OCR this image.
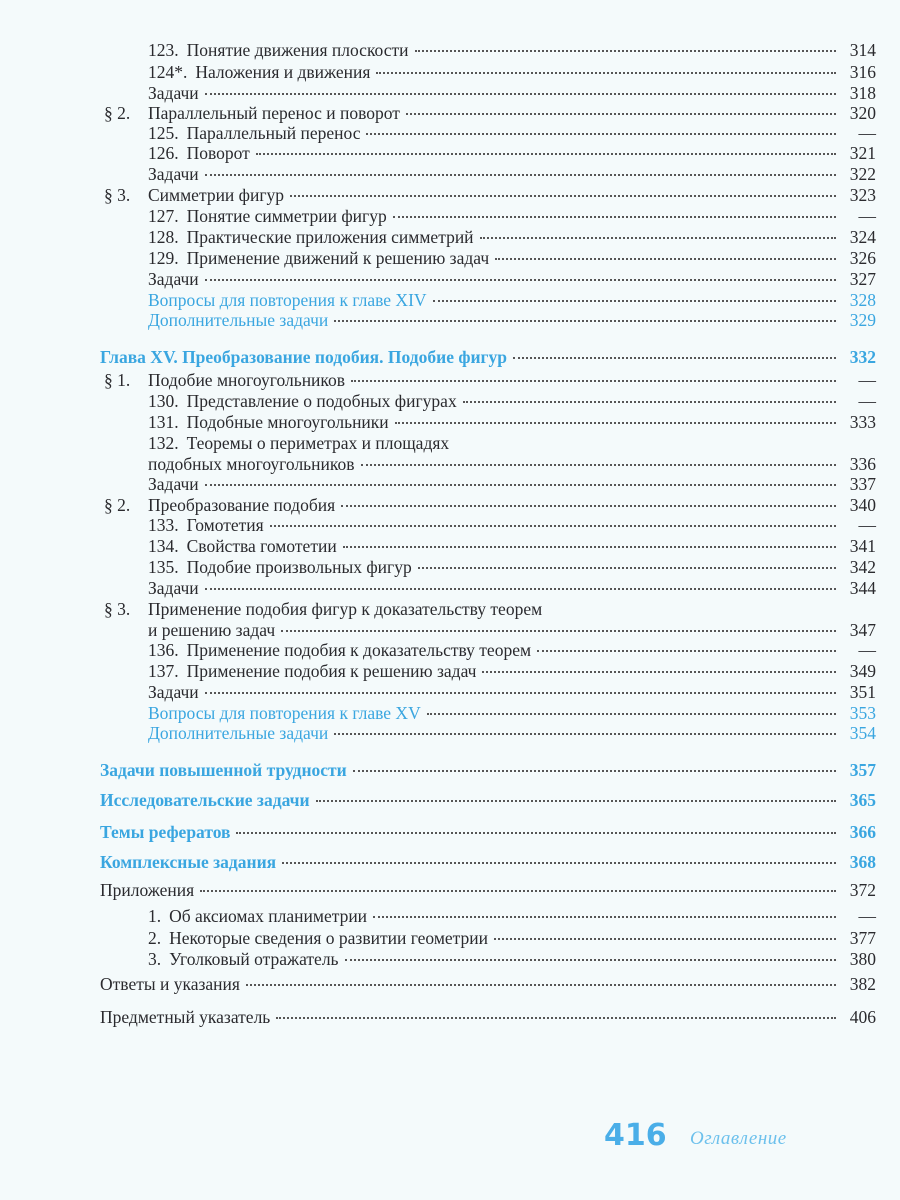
123. Понятие движения плоскости	314
124*. Наложения и движения	316
Задачи	318
§ 2. Параллельный перенос и поворот	320
125. Параллельный перенос	—
126. Поворот	321
Задачи	322
§ 3. Симметрии фигур	323
127. Понятие симметрии фигур	—
128. Практические приложения симметрий	324
129. Применение движений к решению задач	326
Задачи	327
Вопросы для повторения к главе XIV	328
Дополнительные задачи	329
Глава XV. Преобразование подобия. Подобие фигур	332
§ 1. Подобие многоугольников	—
130. Представление о подобных фигурах	—
131. Подобные многоугольники	333
132. Теоремы о периметрах и площадях
подобных многоугольников	336
Задачи	337
§ 2. Преобразование подобия	340
133. Гомотетия	—
134. Свойства гомотетии	341
135. Подобие произвольных фигур	342
Задачи	344
§ 3. Применение подобия фигур к доказательству теорем
и решению задач	347
136. Применение подобия к доказательству теорем	—
137. Применение подобия к решению задач	349
Задачи	351
Вопросы для повторения к главе XV	353
Дополнительные задачи	354
Задачи повышенной трудности	357
Исследовательские задачи	365
Темы рефератов	366
Комплексные задания	368
Приложения	372
1. Об аксиомах планиметрии	—
2. Некоторые сведения о развитии геометрии	377
3. Уголковый отражатель	380
Ответы и указания	382
Предметный указатель	406
416 Оглавление
